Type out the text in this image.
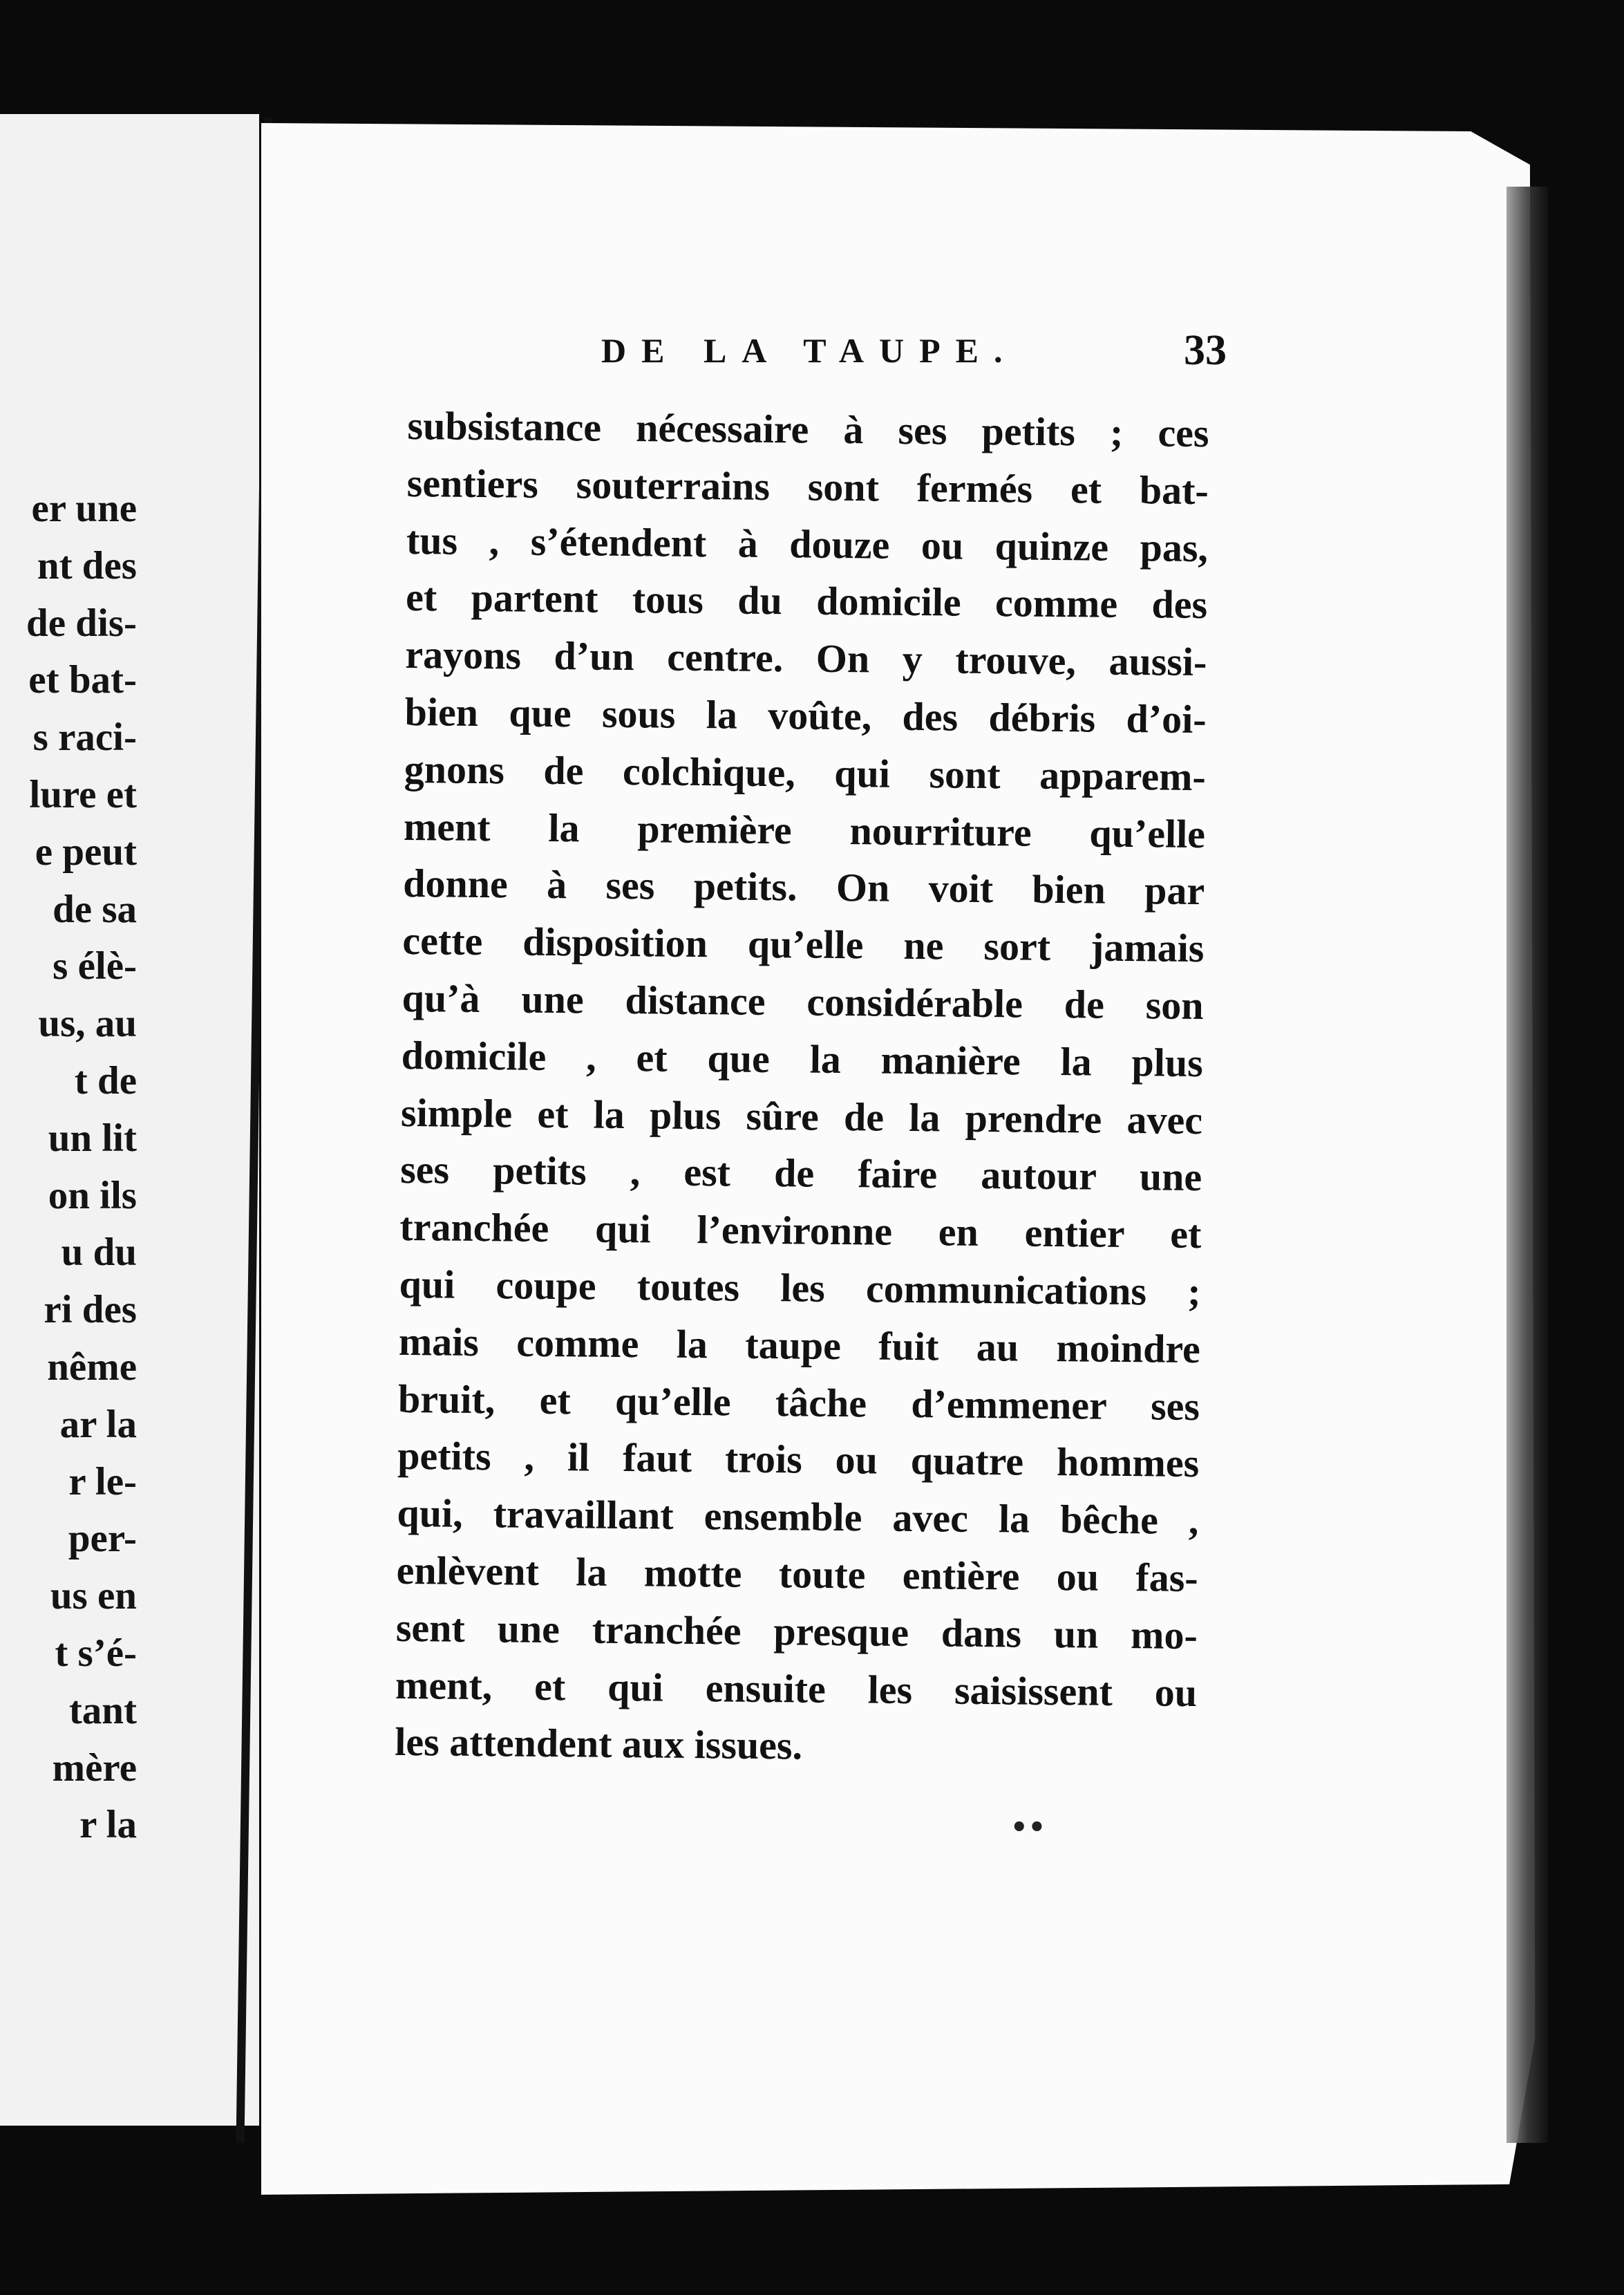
er une
nt des
de dis-
et bat-
s raci-
lure et
e peut
de sa
s élè-
us, au
t de
un lit
on ils
u du
ri des
nême
ar la
r le-
per-
us en
t s’é-
tant
mère
r la
DE LA TAUPE.	33
subsistance nécessaire à ses petits ; ces
sentiers souterrains sont fermés et bat-
tus , s’étendent à douze ou quinze pas,
et partent tous du domicile comme des
rayons d’un centre. On y trouve, aussi-
bien que sous la voûte, des débris d’oi-
gnons de colchique, qui sont apparem-
ment la première nourriture qu’elle
donne à ses petits. On voit bien par
cette disposition qu’elle ne sort jamais
qu’à une distance considérable de son
domicile , et que la manière la plus
simple et la plus sûre de la prendre avec
ses petits , est de faire autour une
tranchée qui l’environne en entier et
qui coupe toutes les communications ;
mais comme la taupe fuit au moindre
bruit, et qu’elle tâche d’emmener ses
petits , il faut trois ou quatre hommes
qui, travaillant ensemble avec la bêche ,
enlèvent la motte toute entière ou fas-
sent une tranchée presque dans un mo-
ment, et qui ensuite les saisissent ou
les attendent aux issues.
••
